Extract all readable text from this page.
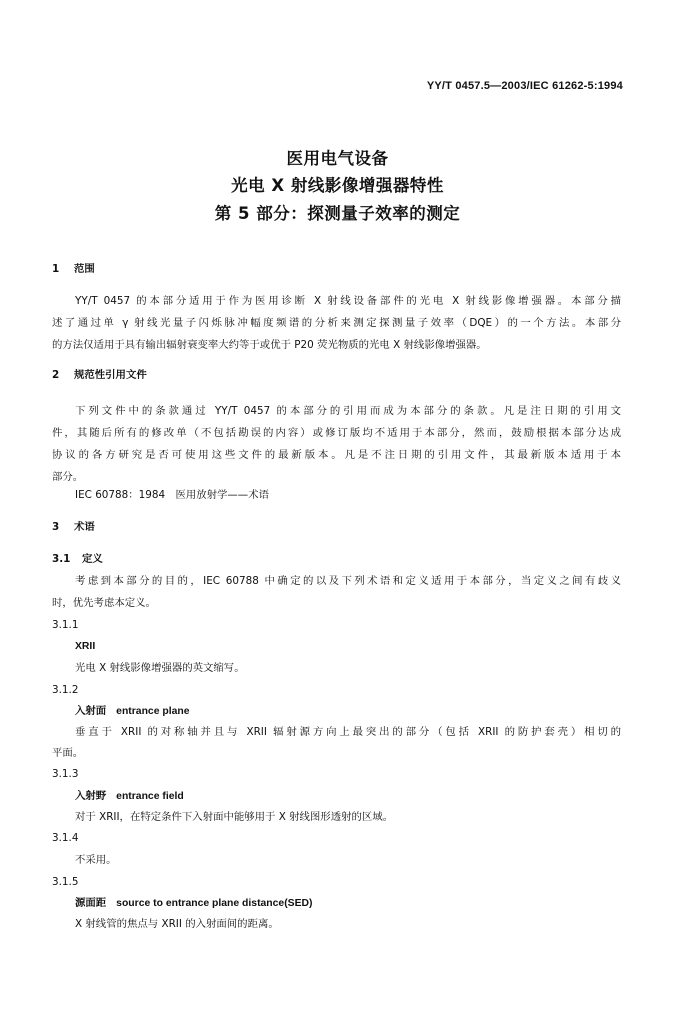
YY/T 0457.5—2003/IEC 61262-5:1994
医用电气设备
光电 X 射线影像增强器特性
第 5 部分：探测量子效率的测定
1 范围
YY/T 0457 的本部分适用于作为医用诊断 X 射线设备部件的光电 X 射线影像增强器。本部分描
述了通过单 γ 射线光量子闪烁脉冲幅度频谱的分析来测定探测量子效率（DQE）的一个方法。本部分
的方法仅适用于具有输出辐射衰变率大约等于或优于 P20 荧光物质的光电 X 射线影像增强器。
2 规范性引用文件
下列文件中的条款通过 YY/T 0457 的本部分的引用而成为本部分的条款。凡是注日期的引用文
件，其随后所有的修改单（不包括勘误的内容）或修订版均不适用于本部分，然而，鼓励根据本部分达成
协议的各方研究是否可使用这些文件的最新版本。凡是不注日期的引用文件，其最新版本适用于本
部分。
IEC 60788：1984　医用放射学——术语
3 术语
3.1 定义
考虑到本部分的目的，IEC 60788 中确定的以及下列术语和定义适用于本部分，当定义之间有歧义
时，优先考虑本定义。
3.1.1
XRII
光电 X 射线影像增强器的英文缩写。
3.1.2
入射面 entrance plane
垂直于 XRII 的对称轴并且与 XRII 辐射源方向上最突出的部分（包括 XRII 的防护套壳）相切的
平面。
3.1.3
入射野 entrance field
对于 XRII，在特定条件下入射面中能够用于 X 射线图形透射的区域。
3.1.4
不采用。
3.1.5
源面距 source to entrance plane distance(SED)
X 射线管的焦点与 XRII 的入射面间的距离。
